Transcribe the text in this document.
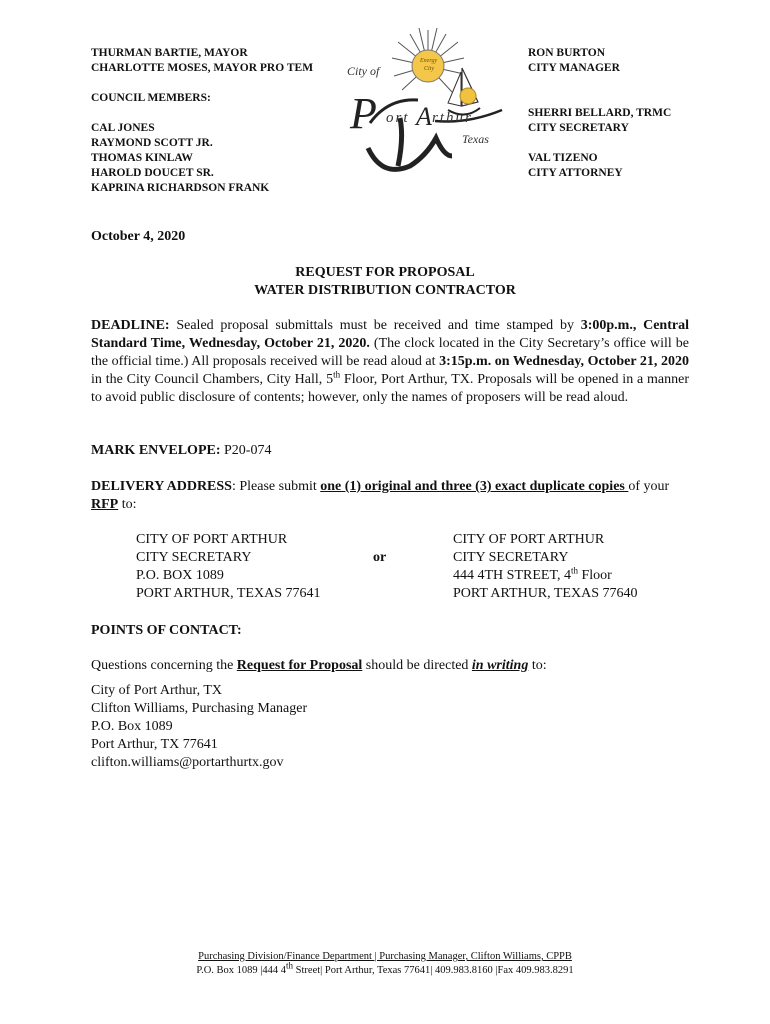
THURMAN BARTIE, MAYOR
CHARLOTTE MOSES, MAYOR PRO TEM
COUNCIL MEMBERS:
CAL JONES
RAYMOND SCOTT JR.
THOMAS KINLAW
HAROLD DOUCET SR.
KAPRINA RICHARDSON FRANK
RON BURTON
CITY MANAGER
SHERRI BELLARD, TRMC
CITY SECRETARY
VAL TIZENO
CITY ATTORNEY
City of
Energy
City
P ort A rthur
Texas
October 4, 2020
REQUEST FOR PROPOSAL
WATER DISTRIBUTION CONTRACTOR
DEADLINE: Sealed proposal submittals must be received and time stamped by 3:00p.m., Central Standard Time, Wednesday, October 21, 2020. (The clock located in the City Secretary’s office will be the official time.) All proposals received will be read aloud at 3:15p.m. on Wednesday, October 21, 2020 in the City Council Chambers, City Hall, 5th Floor, Port Arthur, TX. Proposals will be opened in a manner to avoid public disclosure of contents; however, only the names of proposers will be read aloud.
MARK ENVELOPE: P20-074
DELIVERY ADDRESS: Please submit one (1) original and three (3) exact duplicate copies of your RFP to:
CITY OF PORT ARTHUR
CITY SECRETARY
P.O. BOX 1089
PORT ARTHUR, TEXAS 77641
or
CITY OF PORT ARTHUR
CITY SECRETARY
444 4TH STREET, 4th Floor
PORT ARTHUR, TEXAS 77640
POINTS OF CONTACT:
Questions concerning the Request for Proposal should be directed in writing to:
City of Port Arthur, TX
Clifton Williams, Purchasing Manager
P.O. Box 1089
Port Arthur, TX 77641
clifton.williams@portarthurtx.gov
Purchasing Division/Finance Department | Purchasing Manager, Clifton Williams, CPPB
P.O. Box 1089 |444 4th Street| Port Arthur, Texas 77641| 409.983.8160 |Fax 409.983.8291
